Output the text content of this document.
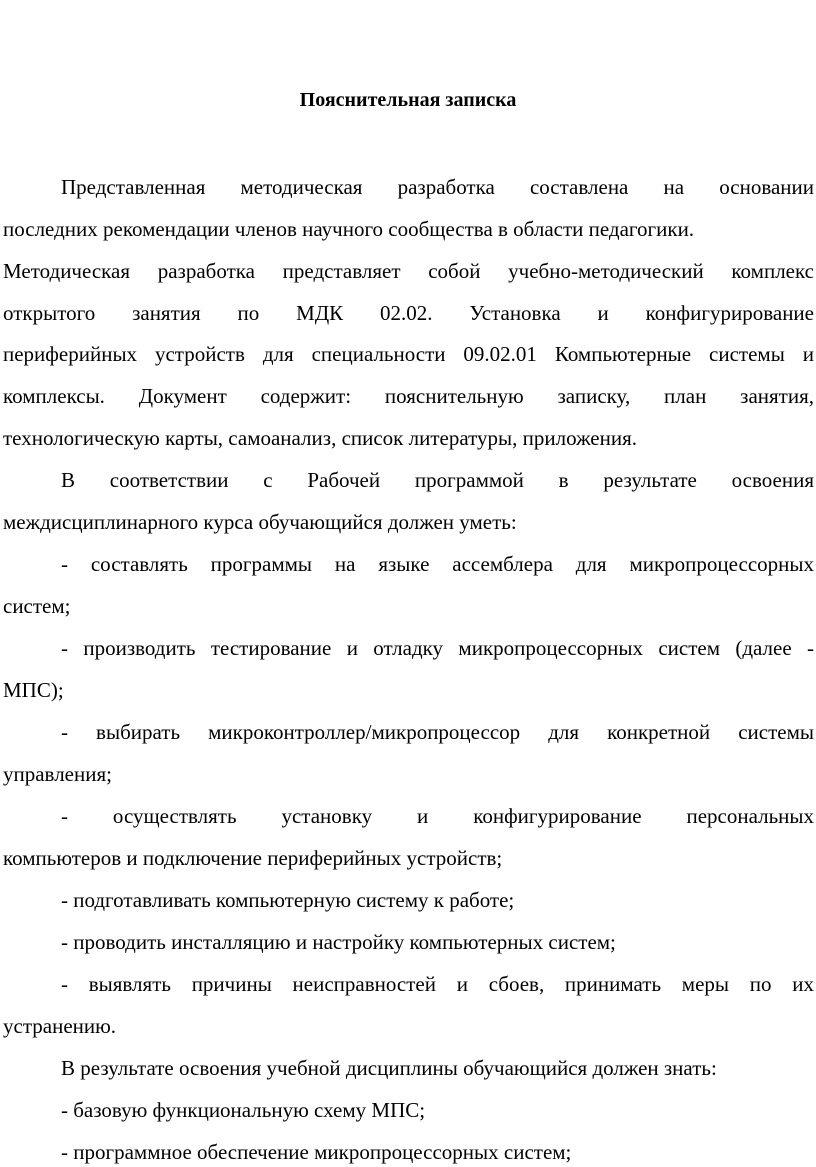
Пояснительная записка
Представленная методическая разработка составлена на основании
последних рекомендации членов научного сообщества в области педагогики.
Методическая разработка представляет собой учебно-методический комплекс
открытого занятия по МДК 02.02. Установка и конфигурирование
периферийных устройств для специальности 09.02.01 Компьютерные системы и
комплексы. Документ содержит: пояснительную записку, план занятия,
технологическую карты, самоанализ, список литературы, приложения.
В соответствии с Рабочей программой в результате освоения
междисциплинарного курса обучающийся должен уметь:
- составлять программы на языке ассемблера для микропроцессорных
систем;
- производить тестирование и отладку микропроцессорных систем (далее -
МПС);
- выбирать микроконтроллер/микропроцессор для конкретной системы
управления;
- осуществлять установку и конфигурирование персональных
компьютеров и подключение периферийных устройств;
- подготавливать компьютерную систему к работе;
- проводить инсталляцию и настройку компьютерных систем;
- выявлять причины неисправностей и сбоев, принимать меры по их
устранению.
В результате освоения учебной дисциплины обучающийся должен знать:
- базовую функциональную схему МПС;
- программное обеспечение микропроцессорных систем;
